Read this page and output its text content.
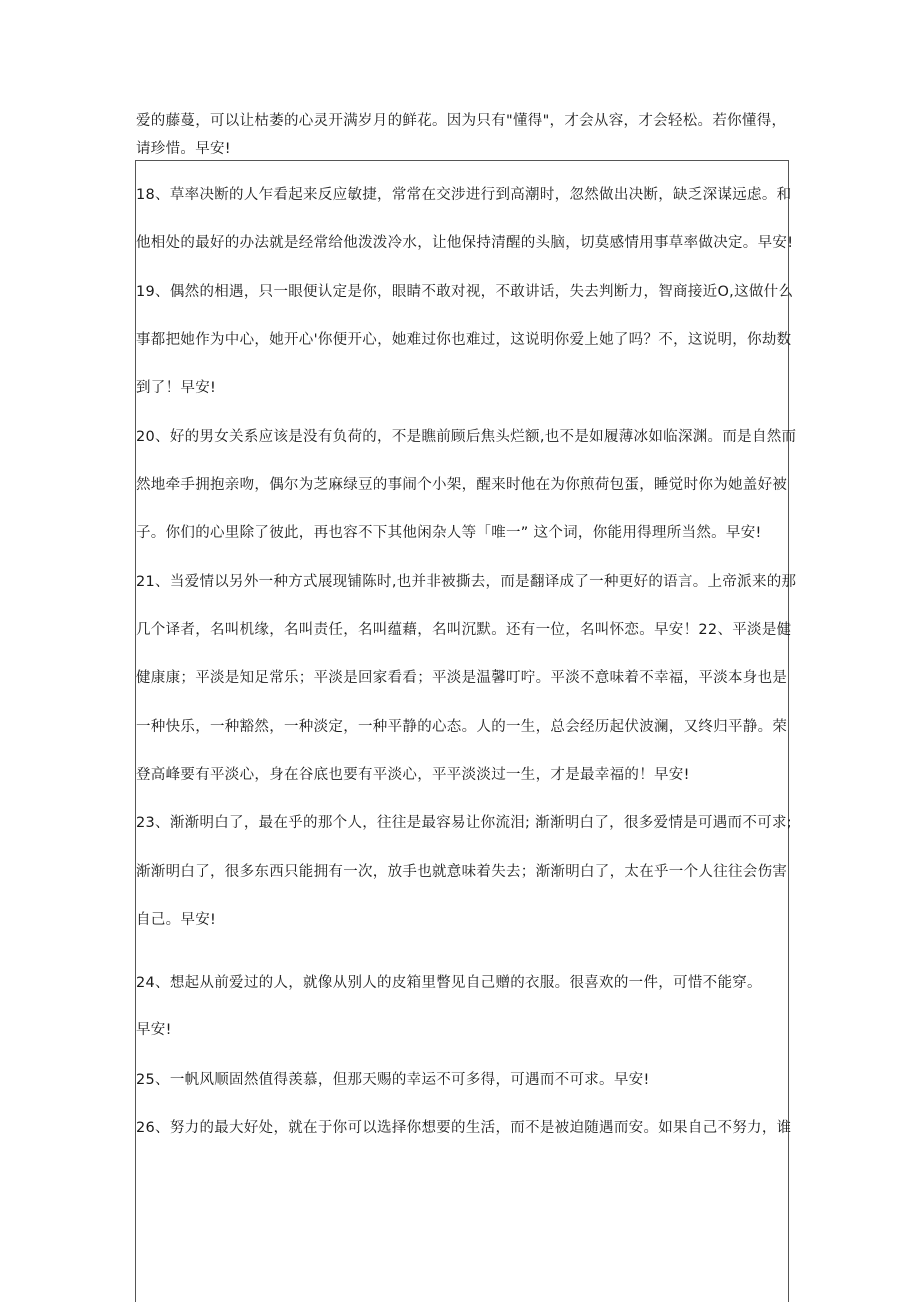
爱的藤蔓，可以让枯萎的心灵开满岁月的鲜花。因为只有"懂得"，才会从容，才会轻松。若你懂得，

请珍惜。早安!

18、草率决断的人乍看起来反应敏捷，常常在交涉进行到高潮时，忽然做出决断，缺乏深谋远虑。和

他相处的最好的办法就是经常给他泼泼冷水，让他保持清醒的头脑，切莫感情用事草率做决定。早安!

19、偶然的相遇，只一眼便认定是你，眼睛不敢对视，不敢讲话，失去判断力，智商接近O,这做什么

事都把她作为中心，她开心'你便开心，她难过你也难过，这说明你爱上她了吗？不，这说明，你劫数

到了！早安!

20、好的男女关系应该是没有负荷的，不是瞧前顾后焦头烂额,也不是如履薄冰如临深渊。而是自然而

然地牵手拥抱亲吻，偶尔为芝麻绿豆的事闹个小架，醒来时他在为你煎荷包蛋，睡觉时你为她盖好被

子。你们的心里除了彼此，再也容不下其他闲杂人等「唯一” 这个词，你能用得理所当然。早安!

21、当爱情以另外一种方式展现铺陈时,也并非被撕去，而是翻译成了一种更好的语言。上帝派来的那

几个译者，名叫机缘，名叫责任，名叫蕴藉，名叫沉默。还有一位，名叫怀恋。早安！22、平淡是健

健康康；平淡是知足常乐；平淡是回家看看；平淡是温馨叮咛。平淡不意味着不幸福，平淡本身也是

一种快乐，一种豁然，一种淡定，一种平静的心态。人的一生，总会经历起伏波澜，又终归平静。荣

登高峰要有平淡心，身在谷底也要有平淡心，平平淡淡过一生，才是最幸福的！早安!

23、渐渐明白了，最在乎的那个人，往往是最容易让你流泪; 渐渐明白了，很多爱情是可遇而不可求;

渐渐明白了，很多东西只能拥有一次，放手也就意味着失去；渐渐明白了，太在乎一个人往往会伤害

自己。早安!

24、想起从前爱过的人，就像从别人的皮箱里瞥见自己赠的衣服。很喜欢的一件，可惜不能穿。

早安!

25、一帆风顺固然值得羡慕，但那天赐的幸运不可多得，可遇而不可求。早安!

26、努力的最大好处，就在于你可以选择你想要的生活，而不是被迫随遇而安。如果自己不努力，谁
